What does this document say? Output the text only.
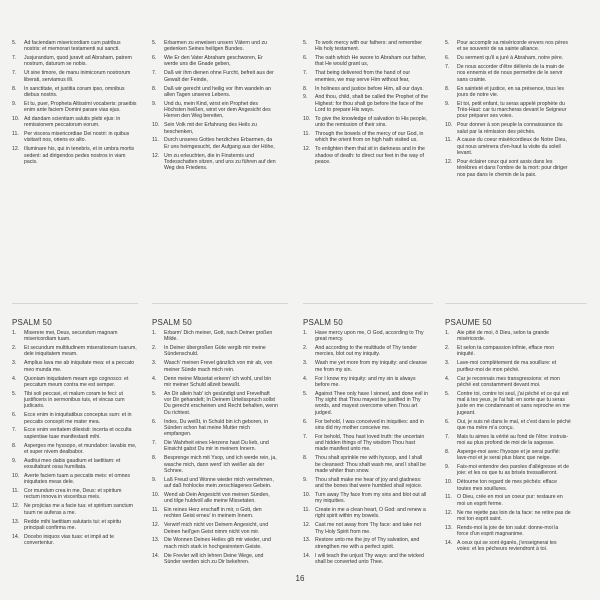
5.	Ad faciendam misericordiam cum patribus nostris: et memorari testamenti sui sancti.
7.	Jusjurandum, quod juravit ad Abraham, patrem nostrum, daturum se nobis.
7.	Ut sine timore, de manu inimicorum nostrorum liberati, serviamus illi.
8.	In sanctitate, et justitia coram ipso, omnibus diebus nostris.
9.	Et tu, puer, Propheta Altissimi vocaberis: praeibis enim ante faciem Domini parare vias ejus.
10. Ad dandam scientiam salutis plebi ejus: in remissionem peccatorum eorum.
11. Per viscera misericordiae Dei nostri: in quibus visitavit nos, oriens ex alto.
12. Illuminare his, qui in tenebris, et in umbra mortis sedent: ad dirigendos pedes nostros in viam pacis.
5.	Erbarmen zu erweisen unsern Vätern und zu gedenken Seines heiligen Bundes.
6.	Wie Er den Vater Abraham geschworen, Er werde uns die Gnade geben,
7.	Daß wir ihm dienen ohne Furcht, befreit aus der Gewalt der Feinde,
8.	Daß wir gerecht und heilig vor Ihm wandeln an allen Tagen unseres Lebens.
9.	Und du, mein Kind, wirst ein Prophet des Höchsten heißen, wirst vor dem Angesicht des Herren den Weg bereiten,
10. Sein Volk mit der Erfahrung des Heils zu beschenken,
11. Durch unseres Gottes herzliches Erbarmen, da Er uns heimgesucht, der Aufgang aus der Höhe,
12. Um zu erleuchten, die in Finsternis und Todesschatten sitzen, und uns zu führen auf den Weg des Friedens.
5.	To work mercy with our fathers: and remember His holy testament.
6.	The oath which He swore to Abraham our father, that He would grant us,
7.	That being delivered from the hand of our enemies, we may serve Him without fear,
8.	In holiness and justice before Him, all our days.
9.	And thou, child, shalt be called the Prophet of the Highest: for thou shalt go before the face of the Lord to prepare His ways.
10. To give the knowledge of salvation to His people, unto the remission of their sins.
11. Through the bowels of the mercy of our God, in which the orient from on high hath visited us.
12. To enlighten them that sit in darkness and in the shadow of death: to direct our feet in the way of peace.
5.	Pour accomplir sa miséricorde envers nos pères et se souvenir de sa sainte alliance.
6.	Du serment qu'il a juré à Abraham, notre père.
7.	De nous accorder d'être délivrés de la main de nos ennemis et de nous permettre de le servir sans crainte.
8.	En sainteté et justice, en sa présence, tous les jours de notre vie.
9.	Et toi, petit enfant, tu seras appelé prophète du Très-Haut: car tu marcheras devant le Seigneur pour préparer ses voies.
10. Pour donner à son peuple la connaissance du salut par la rémission des péchés.
11. A cause du coeur miséricordieux de Notre Dieu, qui nous amènera d'en-haut la visite du soleil levant.
12. Pour éclairer ceux qui sont assis dans les ténèbres et dans l'ombre de la mort: pour diriger nos pas dans le chemin de la paix.
PSALM 50
1.	Miserere mei, Deus, secundum magnam misericordiam tuam.
2.	Et secundum multitudinem miserationum tuarum, dele iniquitatem meam.
3.	Amplius lava me ab iniquitate mea: et a peccato meo munda me.
4.	Quoniam iniquitatem meam ego cognosco: et peccatum meum contra me est semper.
5.	Tibi soli peccavi, et malum coram te feci: ut justificeris in sermonibus tuis, et vincas cum judicaris.
6.	Ecce enim in iniquitatibus conceptus sum: et in peccatis concepit me mater mea.
7.	Ecce enim veritatem dilexisti: incerta et occulta sapientiae tuae manifestasti mihi.
8.	Asperges me hyssopo, et mundabor: lavabis me, et super nivem dealbabor.
9.	Auditui meo dabis gaudium et laetitiam: et exsultabunt ossa humiliata.
10. Averte faciem tuam a peccatis meis: et omnes iniquitates meas dele.
11. Cor mundum crea in me, Deus: et spiritum rectum innova in visceribus meis.
12. Ne projicias me a facie tua: et spiritum sanctum tuum ne auferas a me.
13. Redde mihi laetitiam salutaris tui: et spiritu principali confirma me.
14. Docebo iniquos vias tuas: et impii ad te convertentur.
PSALM 50
1.	Erbarm' Dich meiner, Gott, nach Deiner großen Milde.
2.	In Deiner übergroßen Güte vergib mir meine Sündenschuld.
3.	Wasch' meinen Frevel gänzlich von mir ab, von meiner Sünde mach mich rein.
4.	Denn meine Missetat erkenn' ich wohl, und bin mir meiner Schuld allzeit bewußt.
5.	An Dir allein hab' ich gesündigt und Frevelhaft vor Dir gehandelt; In Deinem Urteilsspruch sollst Du gerecht erscheinen und Recht behalten, wenn Du richtest.
6.	Indes, Du weißt, in Schuld bin ich geboren, in Sünden schon hat meine Mutter mich empfangen.
7.	Die Wahrheit eines Herzens hast Du lieb, und Einsicht gabst Du mir in meinem Innern.
8.	Besprenge mich mit Ysop, und ich werde rein, ja, wasche mich, dann werd' ich weißer als der Schnee.
9.	Laß Freud und Wonne wieder mich vernehmen, auf daß frohlocke mein zerschlagenes Gebein.
10. Wend ab Dein Angesicht von meinen Sünden, und tilge huldvoll alle meine Missetaten.
11. Ein reines Herz erschaff in mir, o Gott, den rechten Geist erneu' in meinem Innern.
12. Verwirf mich nicht vor Deinem Angesicht, und Deinen heil'gen Geist nimm nicht von mir.
13. Die Wonnen Deines Heiles gib mir wieder, und mach mich stark in hochgesinntem Geiste.
14. Die Frevler will ich lehren Deine Wege, und Sünder werden sich zu Dir bekehren.
PSALM 50
1.	Have mercy upon me, O God, according to Thy great mercy.
2.	And according to the multitude of Thy tender mercies, blot out my iniquity.
3.	Wash me yet more from my iniquity: and cleanse me from my sin.
4.	For I know my iniquity: and my sin is always before me.
5.	Against Thee only have I sinned, and done evil in Thy sight: that Thou mayest be justified in Thy words, and mayest overcome when Thou art judged.
6.	For behold, I was conceived in iniquities: and in sins did my mother conceive me.
7.	For behold, Thou hast loved truth: the uncertain and hidden things of Thy wisdom Thou hast made manifest unto me.
8.	Thou shalt sprinkle me with hyssop, and I shall be cleansed: Thou shalt wash me, and I shall be made whiter than snow.
9.	Thou shalt make me hear of joy and gladness: and the bones that were humbled shall rejoice.
10. Turn away Thy face from my sins and blot out all my iniquities.
11. Create in me a clean heart, O God: and renew a right spirit within my bowels.
12. Cast me not away from Thy face: and take not Thy Holy Spirit from me.
13. Restore unto me the joy of Thy salvation, and strengthen me with a perfect spirit.
14. I will teach the unjust Thy ways: and the wicked shall be converted unto Thee.
PSAUME 50
1.	Aie pitié de moi, ô Dieu, selon ta grande miséricorde.
2.	Et selon ta compassion infinie, efface mon iniquité.
3.	Lave-moi complètement de ma souillure: et purifiez-moi de mon péché.
4.	Car je reconnais mes transgressions: et mon péché est constamment devant moi.
5.	Contre toi, contre toi seul, j'ai péché et ce qui est mal à tes yeux, je l'ai fait: en sorte que tu seras juste en me condamnant et sans reproche en me jugeant.
6.	Oui, je suis né dans le mal, et c'est dans le péché que ma mère m'a conçu.
7.	Mais tu aimes la vérité au fond de l'être: instruis-moi au plus profond de moi de la sagesse.
8.	Asperge-moi avec l'hysope et je serai purifié: lave-moi et je serai plus blanc que neige.
9.	Fais-moi entendre des paroles d'allégresse et de joie: et les os que tu as brisés tressailleront.
10. Détourne ton regard de mes péchés: efface toutes mes souillures.
11. O Dieu, crée en moi un coeur pur: restaure en moi un esprit ferme.
12. Ne me rejette pas loin de ta face: ne retire pas de moi ton esprit saint.
13. Rends-moi la joie de ton salut: donne-moi la force d'un esprit magnanime.
14. A ceux qui se sont égarés, j'enseignerai tes voies: et les pécheurs reviendront à toi.
16
